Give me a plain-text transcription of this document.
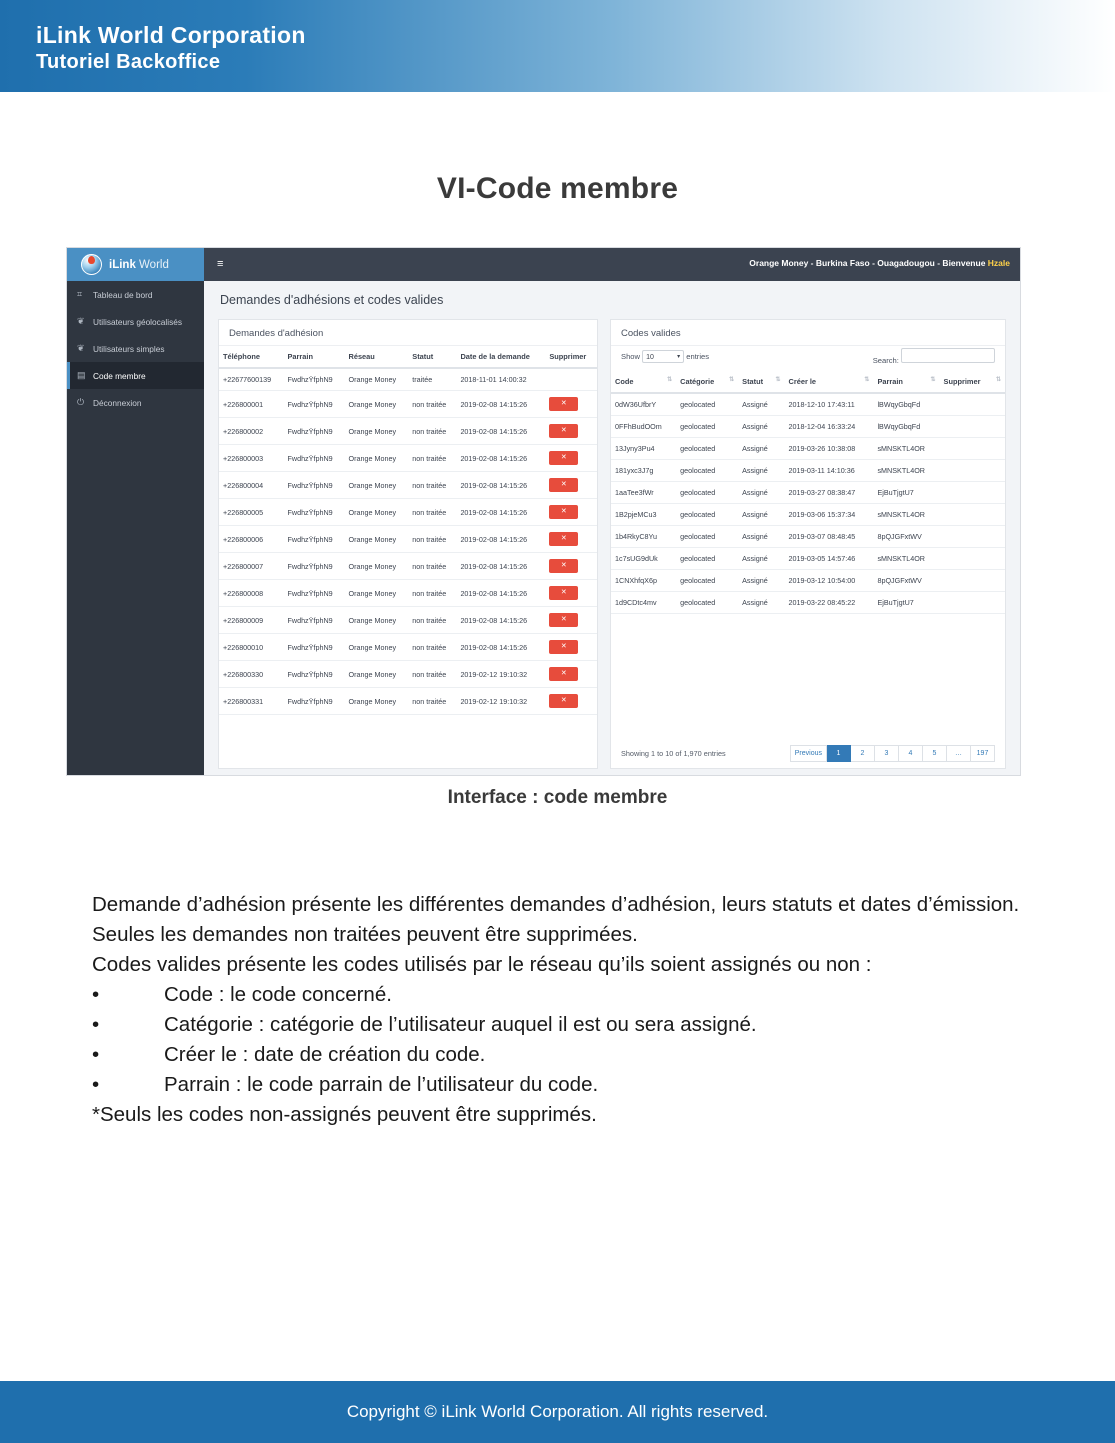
iLink World Corporation
Tutoriel Backoffice
VI-Code membre
iLink World	≡	Orange Money - Burkina Faso - Ouagadougou - Bienvenue Hzale
⌗	Tableau de bord
❦	Utilisateurs géolocalisés
❦	Utilisateurs simples
▤ Code membre
⏻	Déconnexion
Demandes d'adhésions et codes valides
Demandes d'adhésion
Téléphone	Parrain	Réseau	Statut	Date de la demande	Supprimer
+22677600139	FwdhzŸfphN9	Orange Money	traitée	2018-11-01 14:00:32	
+226800001	FwdhzŸfphN9	Orange Money	non traitée	2019-02-08 14:15:26	✕
+226800002	FwdhzŸfphN9	Orange Money	non traitée	2019-02-08 14:15:26	✕
+226800003	FwdhzŸfphN9	Orange Money	non traitée	2019-02-08 14:15:26	✕
+226800004	FwdhzŸfphN9	Orange Money	non traitée	2019-02-08 14:15:26	✕
+226800005	FwdhzŸfphN9	Orange Money	non traitée	2019-02-08 14:15:26	✕
+226800006	FwdhzŸfphN9	Orange Money	non traitée	2019-02-08 14:15:26	✕
+226800007	FwdhzŸfphN9	Orange Money	non traitée	2019-02-08 14:15:26	✕
+226800008	FwdhzŸfphN9	Orange Money	non traitée	2019-02-08 14:15:26	✕
+226800009	FwdhzŸfphN9	Orange Money	non traitée	2019-02-08 14:15:26	✕
+226800010	FwdhzŸfphN9	Orange Money	non traitée	2019-02-08 14:15:26	✕
+226800330	FwdhzŸfphN9	Orange Money	non traitée	2019-02-12 19:10:32	✕
+226800331	FwdhzŸfphN9	Orange Money	non traitée	2019-02-12 19:10:32	✕
Codes valides
Show 10	▾ entries	Search:
Code ⇅	Catégorie ⇅	Statut ⇅	Créer le ⇅	Parrain ⇅	Supprimer ⇅

0dW36UfbrY	geolocated	Assigné	2018-12-10 17:43:11	lBWqyGbqFd	
0FFhBudOOm	geolocated	Assigné	2018-12-04 16:33:24	lBWqyGbqFd	
13Jyny3Pu4	geolocated	Assigné	2019-03-26 10:38:08	sMNSKTL4OR	
181yxc3J7g	geolocated	Assigné	2019-03-11 14:10:36	sMNSKTL4OR	
1aaTee3fWr	geolocated	Assigné	2019-03-27 08:38:47	EjBuTjgtU7	
1B2pjeMCu3	geolocated	Assigné	2019-03-06 15:37:34	sMNSKTL4OR	
1b4RkyC8Yu	geolocated	Assigné	2019-03-07 08:48:45	8pQJGFxtWV	
1c7sUG9dUk	geolocated	Assigné	2019-03-05 14:57:46	sMNSKTL4OR	
1CNXhfqX6p	geolocated	Assigné	2019-03-12 10:54:00	8pQJGFxtWV	
1d9CDtc4mv	geolocated	Assigné	2019-03-22 08:45:22	EjBuTjgtU7	
Showing 1 to 10 of 1,970 entries	Previous	1	2	3	4	5	…	197
Interface : code membre

Demande d’adhésion présente les différentes demandes d’adhésion, leurs statuts et dates d’émission. Seules les demandes non traitées peuvent être supprimées.

Codes valides présente les codes utilisés par le réseau qu’ils soient assignés ou non :

•	Code : le code concerné.
•	Catégorie : catégorie de l’utilisateur auquel il est ou sera assigné.
•	Créer le : date de création du code.
•	Parrain : le code parrain de l’utilisateur du code.

*Seuls les codes non-assignés peuvent être supprimés.

Copyright © iLink World Corporation. All rights reserved.
